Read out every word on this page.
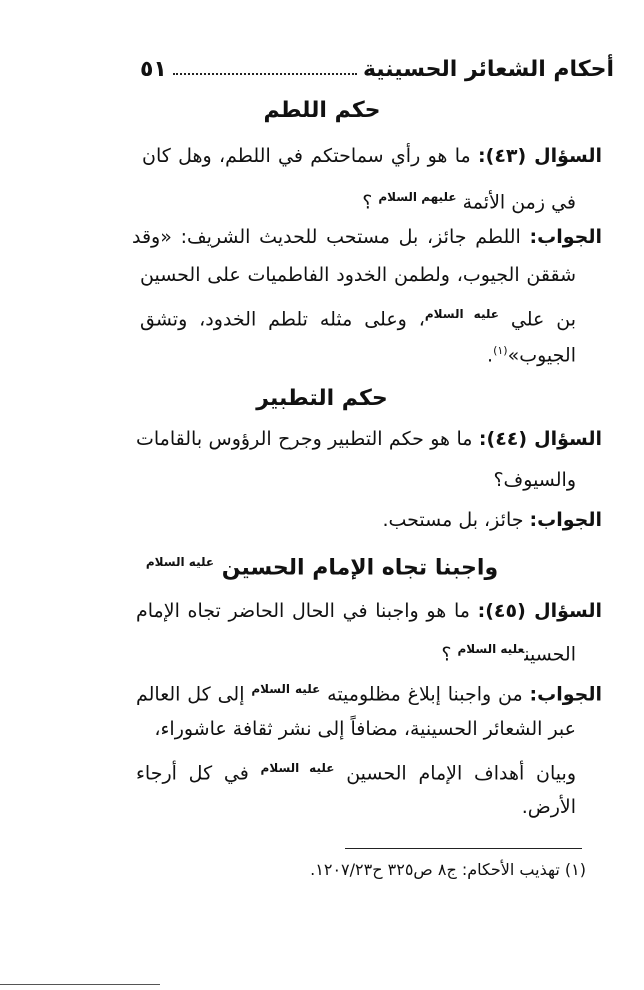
أحكام الشعائر الحسينية
٥١
حكم اللطم
السؤال (٤٣): ما هو رأي سماحتكم في اللطم، وهل كان
في زمن الأئمة $^{عليهم السلام}$ ؟
الجواب: اللطم جائز، بل مستحب للحديث الشريف: «وقد
شققن الجيوب، ولطمن الخدود الفاطميات على الحسين
بن علي $^{عليه السلام}$، وعلى مثله تلطم الخدود، وتشق
الجيوب»$^{(١)}$.
حكم التطبير
السؤال (٤٤): ما هو حكم التطبير وجرح الرؤوس بالقامات
والسيوف؟
الجواب: جائز، بل مستحب.
واجبنا تجاه الإمام الحسين $^{عليه السلام}$
السؤال (٤٥): ما هو واجبنا في الحال الحاضر تجاه الإمام
الحسين$^{عليه السلام}$ ؟
الجواب: من واجبنا إبلاغ مظلوميته $^{عليه السلام}$ إلى كل العالم
عبر الشعائر الحسينية، مضافاً إلى نشر ثقافة عاشوراء،
وبيان أهداف الإمام الحسين $^{عليه السلام}$ في كل أرجاء
الأرض.
(١) تهذيب الأحكام: ج٨ ص٣٢٥ ح١٢٠٧/٢٣.
